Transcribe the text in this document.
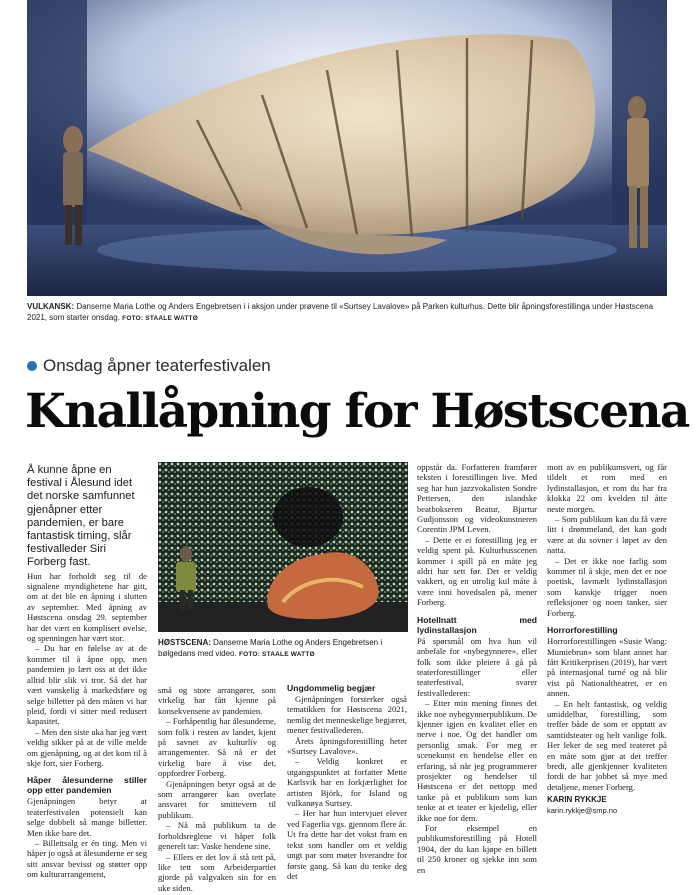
VULKANSK: Danserne Maria Lothe og Anders Engebretsen i i aksjon under prøvene til «Surtsey Lavalove» på Parken kulturhus. Dette blir åpningsforestillinga under Høstscena 2021, som starter onsdag. FOTO: STAALE WATTØ
Onsdag åpner teaterfestivalen
Knallåpning for Høstscena

Å kunne åpne en festival i Ålesund idet det norske samfunnet gjenåpner etter pandemien, er bare fantastisk timing, slår festivalleder Siri Forberg fast.

Hun har forholdt seg til de signalene myndighetene har gitt, om at det ble en åpning i slutten av september. Med åpning av Høstscena onsdag 29. september har det vært en komplisert øvelse, og spenningen har vært stor.

– Du har en følelse av at de kommer til å åpne opp, men pandemien jo lært oss at det ikke alltid blir slik vi tror. Så det har vært vanskelig å markedsføre og selge billetter på den måten vi har pleid, fordi vi sitter med redusert kapasitet.

– Men den siste uka har jeg vært veldig sikker på at de ville melde om gjenåpning, og at det kom til å skje fort, sier Forberg.

Håper ålesunderne stiller opp etter pandemien

Gjenåpningen betyr at teaterfestivalen potensielt kan selge dobbelt så mange billetter. Men ikke bare det.

– Billettsalg er én ting. Men vi håper jo også at ålesunderne er seg sitt ansvar bevisst og støtter opp om kulturarrangement,

HØSTSCENA: Danserne Maria Lothe og Anders Engebretsen i bølgedans med video. FOTO: STAALE WATTØ

små og store arrangører, som virkelig har fått kjenne på konsekvensene av pandemien.

– Forhåpentlig har ålesunderne, som folk i resten av landet, kjent på savnet av kulturliv og arrangementer. Så nå er det virkelig bare å vise det, oppfordrer Forberg.

Gjenåpningen betyr også at de som arrangører kan overlate ansvaret for smittevern til publikum.

– Nå må publikum ta de forholdsreglene vi håper folk generelt tar: Vaske hendene sine.

– Ellers er det lov å stå tett på, like tett som Arbeiderpartiet gjorde på valgvaken sin for en uke siden.

Ungdommelig begjær

Gjenåpningen forsterker også tematikken for Høstscena 2021, nemlig det menneskelige begjæret, mener festivallederen.

Årets åpningsforestilling heter «Surtsey Lavalove».

– Veldig konkret er utgangspunktet at forfatter Mette Karlsvik har en forkjærlighet for artisten Björk, for Island og vulkanøya Surtsey.

– Her har hun intervjuet elever ved Fagerlia vgs. gjennom flere år. Ut fra dette har det vokst fram en tekst som handler om et veldig ungt par som møter hverandre for første gang. Så kan du tenke deg det

oppstår da. Forfatteren framfører teksten i forestillingen live. Med seg har hun jazzvokalisten Sondre Pettersen, den islandske beatbokseren Beatur, Bjartur Gudjonsson og videokunstneren Corentin JPM Leven.

– Dette er ei forestilling jeg er veldig spent på. Kulturhusscenen kommer i spill på en måte jeg aldri har sett før. Det er veldig vakkert, og en utrolig kul måte å være inni hovedsalen på, mener Forberg.

Hotellnatt med lydinstallasjon

På spørsmål om hva hun vil anbefale for «nybegynnere», eller folk som ikke pleiere å gå på teaterforestillinger eller teaterfestival, svarer festivallederen:

– Etter min mening finnes det ikke noe nybegynnerpublikum. De kjenner igjen en kvalitet eller en nerve i noe. Og det handler om personlig smak. For meg er scenekunst en hendelse eller en erfaring, så når jeg programmerer prosjekter og hendelser til Høstscena er det nettopp med tanke på et publikum som kan tenke at et teater er kjedelig, eller ikke noe for dem.

For eksempel en publikumsforestilling på Hotell 1904, der du kan kjøpe en billett til 250 kroner og sjekke inn som en

mott av en publikumsvert, og får tildelt et rom med en lydinstallasjon, et rom du har fra klokka 22 om kvelden til åtte neste morgen.

– Som publikum kan du få være litt i drømmeland, det kan godt være at du sovner i løpet av den natta.

– Det er ikke noe farlig som kommer til å skje, men det er noe poetisk, lavmælt lydinstallasjon som kanskje trigger noen refleksjoner og noen tanker, sier Forberg.

Horrorforestilling

Horrorforestillingen «Susie Wang: Mumiebrun» som blant annet har fått Kritikerprisen (2019), har vært på internasjonal turné og nå blir vist på Nationaltheatret, er en annen.

– En helt fantastisk, og veldig umiddelbar, forestilling, som treffer både de som er opptatt av samtidsteater og helt vanlige folk. Her leker de seg med teateret på en måte som gjør at det treffer bredt, alle gjenkjenner kvaliteten fordi de har jobbet så mye med detaljene, mener Forberg.

KARIN RYKKJE

karin.rykkje@smp.no
